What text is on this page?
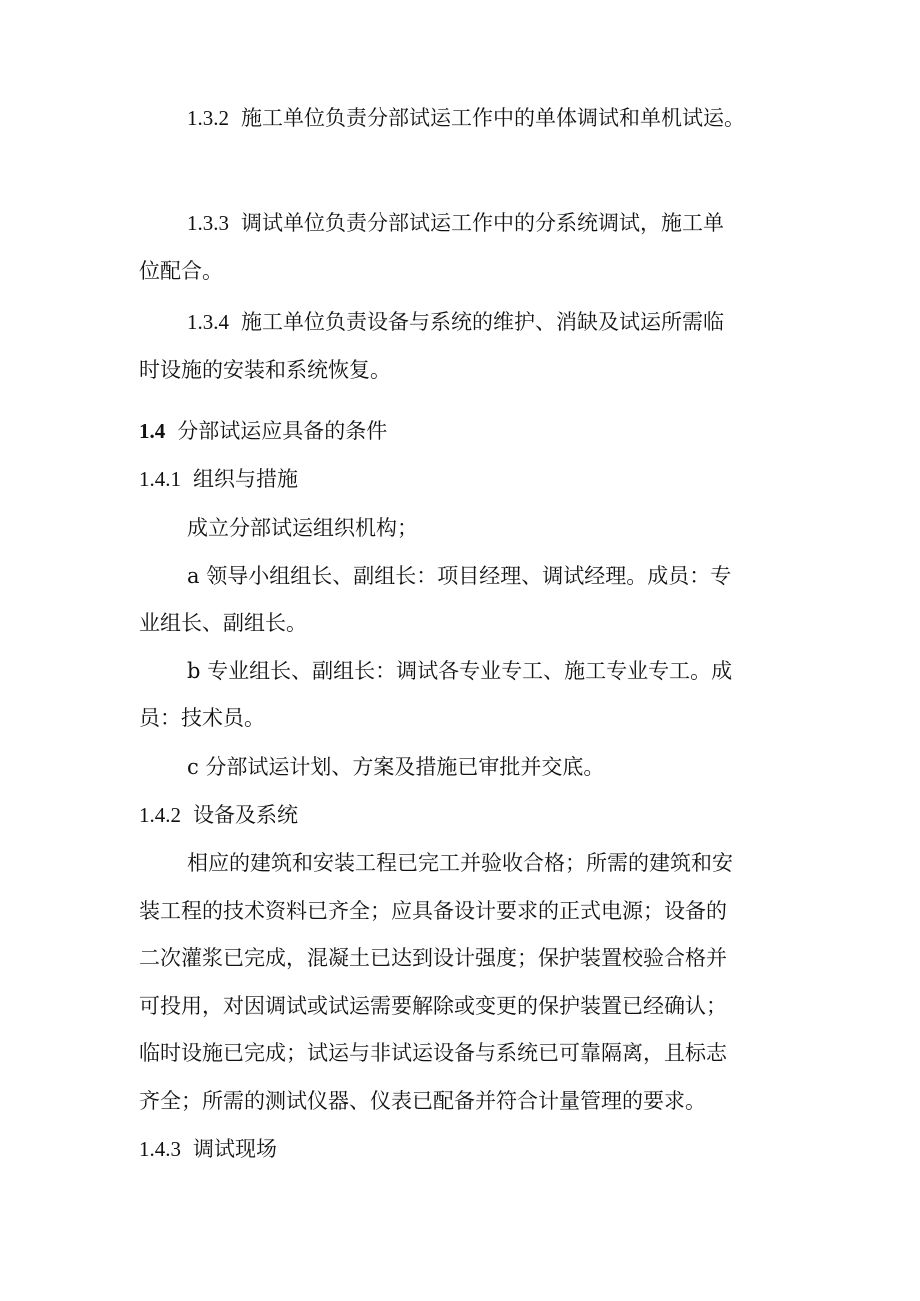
1.3.2 施工单位负责分部试运工作中的单体调试和单机试运。
1.3.3 调试单位负责分部试运工作中的分系统调试，施工单
位配合。
1.3.4 施工单位负责设备与系统的维护、消缺及试运所需临
时设施的安装和系统恢复。
1.4 分部试运应具备的条件
1.4.1 组织与措施
成立分部试运组织机构；
a 领导小组组长、副组长：项目经理、调试经理。成员：专
业组长、副组长。
b 专业组长、副组长：调试各专业专工、施工专业专工。成
员：技术员。
c 分部试运计划、方案及措施已审批并交底。
1.4.2 设备及系统
相应的建筑和安装工程已完工并验收合格；所需的建筑和安
装工程的技术资料已齐全；应具备设计要求的正式电源；设备的
二次灌浆已完成，混凝土已达到设计强度；保护装置校验合格并
可投用，对因调试或试运需要解除或变更的保护装置已经确认；
临时设施已完成；试运与非试运设备与系统已可靠隔离，且标志
齐全；所需的测试仪器、仪表已配备并符合计量管理的要求。
1.4.3 调试现场
